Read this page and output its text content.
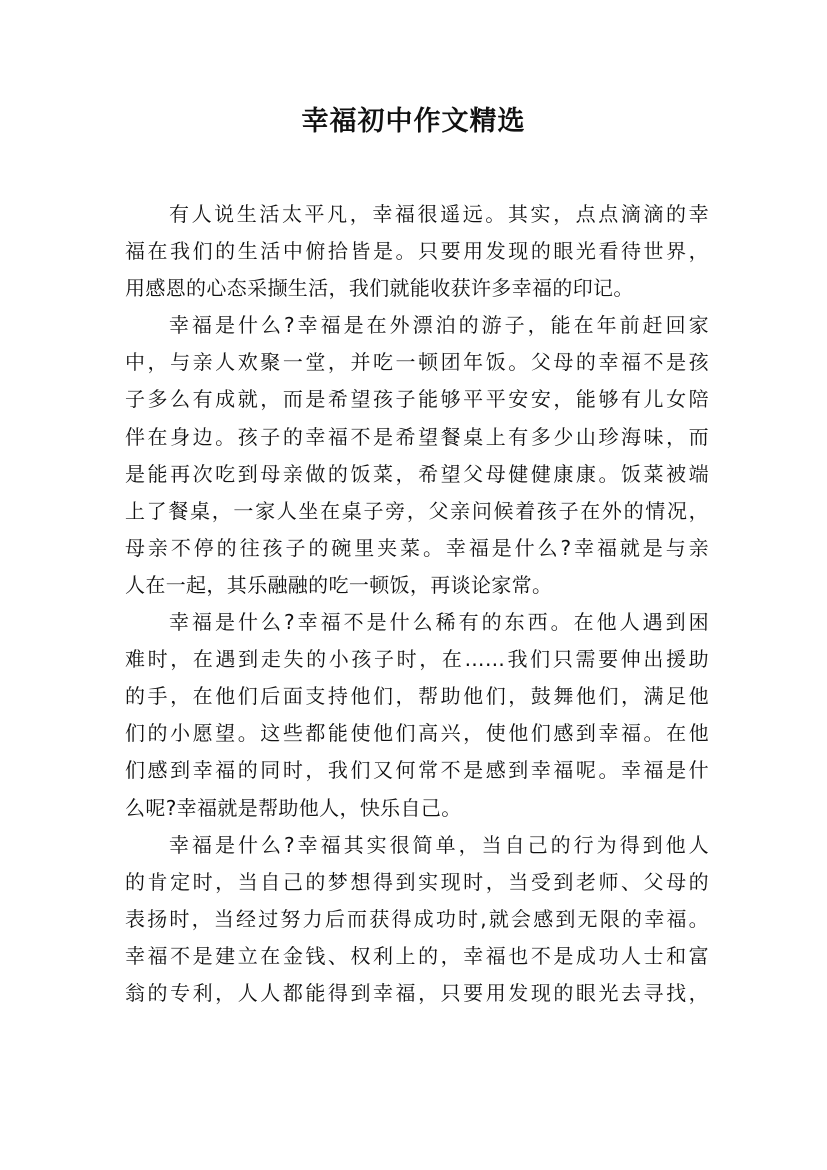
幸福初中作文精选
有人说生活太平凡，幸福很遥远。其实，点点滴滴的幸
福在我们的生活中俯拾皆是。只要用发现的眼光看待世界，
用感恩的心态采撷生活，我们就能收获许多幸福的印记。
幸福是什么?幸福是在外漂泊的游子，能在年前赶回家
中，与亲人欢聚一堂，并吃一顿团年饭。父母的幸福不是孩
子多么有成就，而是希望孩子能够平平安安，能够有儿女陪
伴在身边。孩子的幸福不是希望餐桌上有多少山珍海味，而
是能再次吃到母亲做的饭菜，希望父母健健康康。饭菜被端
上了餐桌，一家人坐在桌子旁，父亲问候着孩子在外的情况，
母亲不停的往孩子的碗里夹菜。幸福是什么?幸福就是与亲
人在一起，其乐融融的吃一顿饭，再谈论家常。
幸福是什么?幸福不是什么稀有的东西。在他人遇到困
难时，在遇到走失的小孩子时，在……我们只需要伸出援助
的手，在他们后面支持他们，帮助他们，鼓舞他们，满足他
们的小愿望。这些都能使他们高兴，使他们感到幸福。在他
们感到幸福的同时，我们又何常不是感到幸福呢。幸福是什
么呢?幸福就是帮助他人，快乐自己。
幸福是什么?幸福其实很简单，当自己的行为得到他人
的肯定时，当自己的梦想得到实现时，当受到老师、父母的
表扬时，当经过努力后而获得成功时,就会感到无限的幸福。
幸福不是建立在金钱、权利上的，幸福也不是成功人士和富
翁的专利，人人都能得到幸福，只要用发现的眼光去寻找，
